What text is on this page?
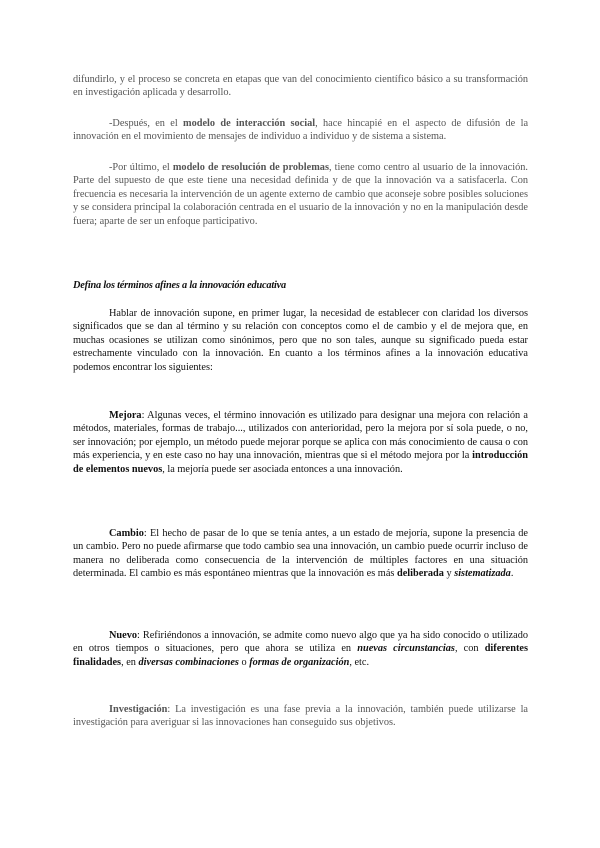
difundirlo, y el proceso se concreta en etapas que van del conocimiento científico básico a su transformación en investigación aplicada y desarrollo.

-Después, en el modelo de interacción social, hace hincapié en el aspecto de difusión de la innovación en el movimiento de mensajes de individuo a individuo y de sistema a sistema.

-Por último, el modelo de resolución de problemas, tiene como centro al usuario de la innovación. Parte del supuesto de que este tiene una necesidad definida y de que la innovación va a satisfacerla. Con frecuencia es necesaria la intervención de un agente externo de cambio que aconseje sobre posibles soluciones y se considera principal la colaboración centrada en el usuario de la innovación y no en la manipulación desde fuera; aparte de ser un enfoque participativo.

Defina los términos afines a la innovación educativa

Hablar de innovación supone, en primer lugar, la necesidad de establecer con claridad los diversos significados que se dan al término y su relación con conceptos como el de cambio y el de mejora que, en muchas ocasiones se utilizan como sinónimos, pero que no son tales, aunque su significado pueda estar estrechamente vinculado con la innovación. En cuanto a los términos afines a la innovación educativa podemos encontrar los siguientes:

Mejora: Algunas veces, el término innovación es utilizado para designar una mejora con relación a métodos, materiales, formas de trabajo..., utilizados con anterioridad, pero la mejora por sí sola puede, o no, ser innovación; por ejemplo, un método puede mejorar porque se aplica con más conocimiento de causa o con más experiencia, y en este caso no hay una innovación, mientras que si el método mejora por la introducción de elementos nuevos, la mejoría puede ser asociada entonces a una innovación.

Cambio: El hecho de pasar de lo que se tenía antes, a un estado de mejoría, supone la presencia de un cambio. Pero no puede afirmarse que todo cambio sea una innovación, un cambio puede ocurrir incluso de manera no deliberada como consecuencia de la intervención de múltiples factores en una situación determinada. El cambio es más espontáneo mientras que la innovación es más deliberada y sistematizada.

Nuevo: Refiriéndonos a innovación, se admite como nuevo algo que ya ha sido conocido o utilizado en otros tiempos o situaciones, pero que ahora se utiliza en nuevas circunstancias, con diferentes finalidades, en diversas combinaciones o formas de organización, etc.

Investigación: La investigación es una fase previa a la innovación, también puede utilizarse la investigación para averiguar si las innovaciones han conseguido sus objetivos.
